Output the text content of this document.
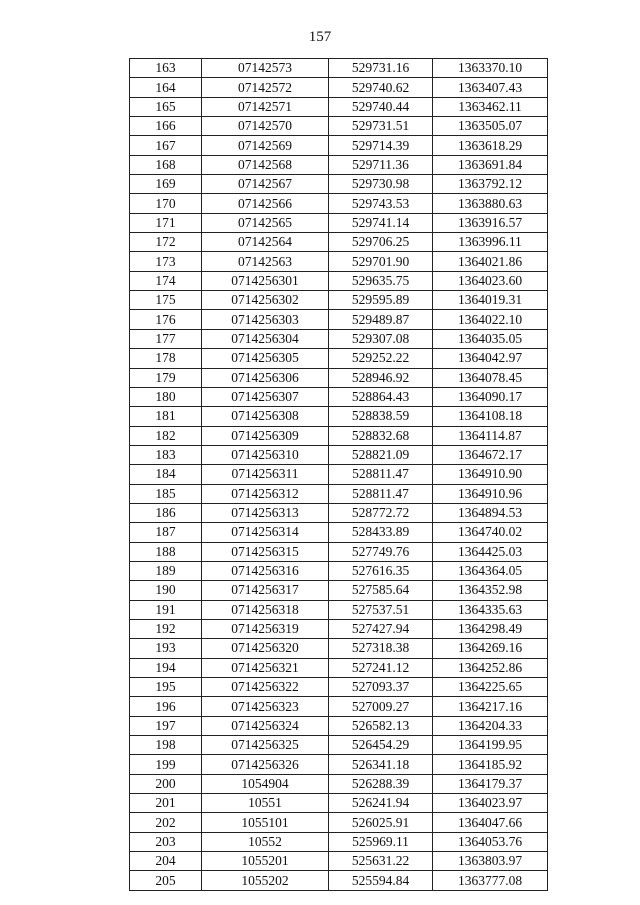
157
163	07142573	529731.16	1363370.10
164	07142572	529740.62	1363407.43
165	07142571	529740.44	1363462.11
166	07142570	529731.51	1363505.07
167	07142569	529714.39	1363618.29
168	07142568	529711.36	1363691.84
169	07142567	529730.98	1363792.12
170	07142566	529743.53	1363880.63
171	07142565	529741.14	1363916.57
172	07142564	529706.25	1363996.11
173	07142563	529701.90	1364021.86
174	0714256301	529635.75	1364023.60
175	0714256302	529595.89	1364019.31
176	0714256303	529489.87	1364022.10
177	0714256304	529307.08	1364035.05
178	0714256305	529252.22	1364042.97
179	0714256306	528946.92	1364078.45
180	0714256307	528864.43	1364090.17
181	0714256308	528838.59	1364108.18
182	0714256309	528832.68	1364114.87
183	0714256310	528821.09	1364672.17
184	0714256311	528811.47	1364910.90
185	0714256312	528811.47	1364910.96
186	0714256313	528772.72	1364894.53
187	0714256314	528433.89	1364740.02
188	0714256315	527749.76	1364425.03
189	0714256316	527616.35	1364364.05
190	0714256317	527585.64	1364352.98
191	0714256318	527537.51	1364335.63
192	0714256319	527427.94	1364298.49
193	0714256320	527318.38	1364269.16
194	0714256321	527241.12	1364252.86
195	0714256322	527093.37	1364225.65
196	0714256323	527009.27	1364217.16
197	0714256324	526582.13	1364204.33
198	0714256325	526454.29	1364199.95
199	0714256326	526341.18	1364185.92
200	1054904	526288.39	1364179.37
201	10551	526241.94	1364023.97
202	1055101	526025.91	1364047.66
203	10552	525969.11	1364053.76
204	1055201	525631.22	1363803.97
205	1055202	525594.84	1363777.08
